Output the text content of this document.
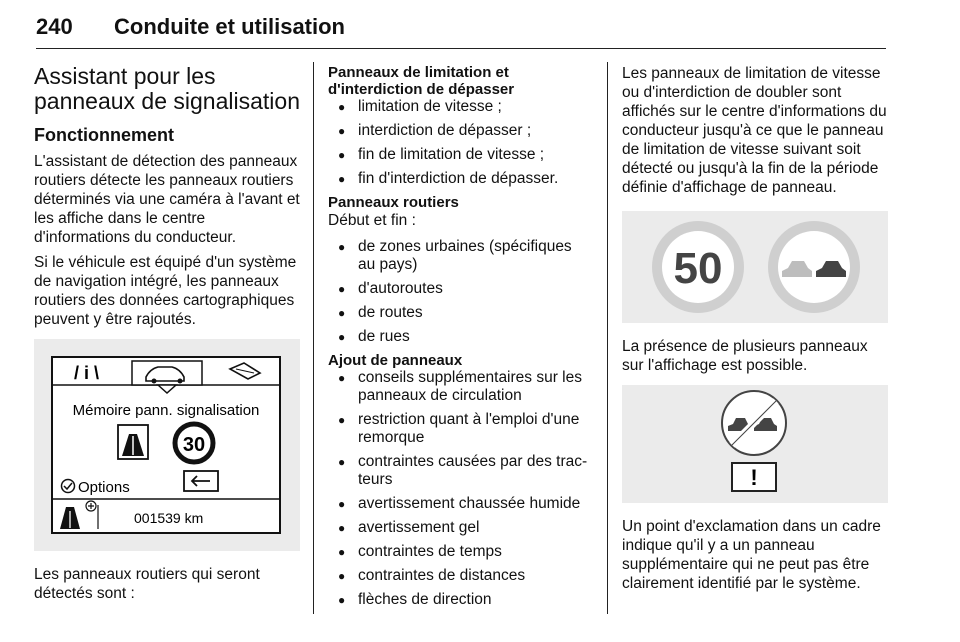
240 Conduite et utilisation
Assistant pour les panneaux de signalisation
Fonctionnement

L'assistant de détection des panneaux routiers détecte les panneaux routiers déterminés via une caméra à l'avant et les affiche dans le centre d'informations du conducteur.

Si le véhicule est équipé d'un système de navigation intégré, les panneaux routiers des données cartographiques peuvent y être rajoutés.

/ i \
Mémoire pann. signalisation
30
Options
001539 km

Les panneaux routiers qui seront détectés sont :

Panneaux de limitation et d'interdiction de dépasser

● limitation de vitesse ;
● interdiction de dépasser ;
● fin de limitation de vitesse ;
● fin d'interdiction de dépasser.

Panneaux routiers

Début et fin :

● de zones urbaines (spécifiques au pays)
● d'autoroutes
● de routes
● de rues

Ajout de panneaux

● conseils supplémentaires sur les panneaux de circulation
● restriction quant à l'emploi d'une remorque
● contraintes causées par des tracteurs
● avertissement chaussée humide
● avertissement gel
● contraintes de temps
● contraintes de distances
● flèches de direction

Les panneaux de limitation de vitesse ou d'interdiction de doubler sont affichés sur le centre d'informations du conducteur jusqu'à ce que le panneau de limitation de vitesse suivant soit détecté ou jusqu'à la fin de la période définie d'affichage de panneau.

50

La présence de plusieurs panneaux sur l'affichage est possible.

!

Un point d'exclamation dans un cadre indique qu'il y a un panneau supplémentaire qui ne peut pas être clairement identifié par le système.
